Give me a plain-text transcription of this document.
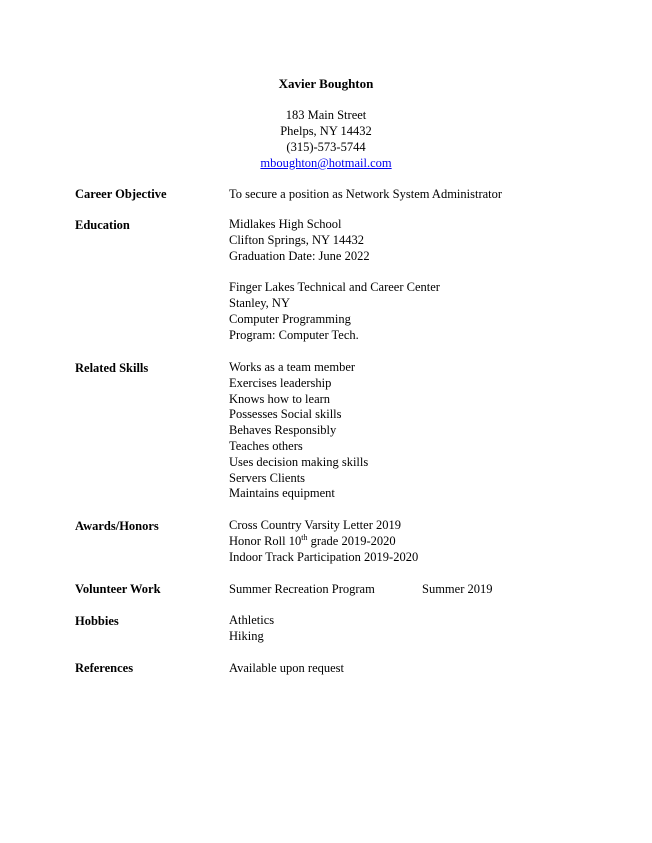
Xavier Boughton
183 Main Street
Phelps, NY 14432
(315)-573-5744
mboughton@hotmail.com
Career Objective	To secure a position as Network System Administrator
Education	Midlakes High School
Clifton Springs, NY 14432
Graduation Date: June 2022
Finger Lakes Technical and Career Center
Stanley, NY
Computer Programming
Program: Computer Tech.
Related Skills	Works as a team member
Exercises leadership
Knows how to learn
Possesses Social skills
Behaves Responsibly
Teaches others
Uses decision making skills
Servers Clients
Maintains equipment
Awards/Honors	Cross Country Varsity Letter 2019
Honor Roll 10th grade 2019-2020
Indoor Track Participation 2019-2020
Volunteer Work	Summer Recreation Program	Summer 2019
Hobbies	Athletics
Hiking
References	Available upon request
